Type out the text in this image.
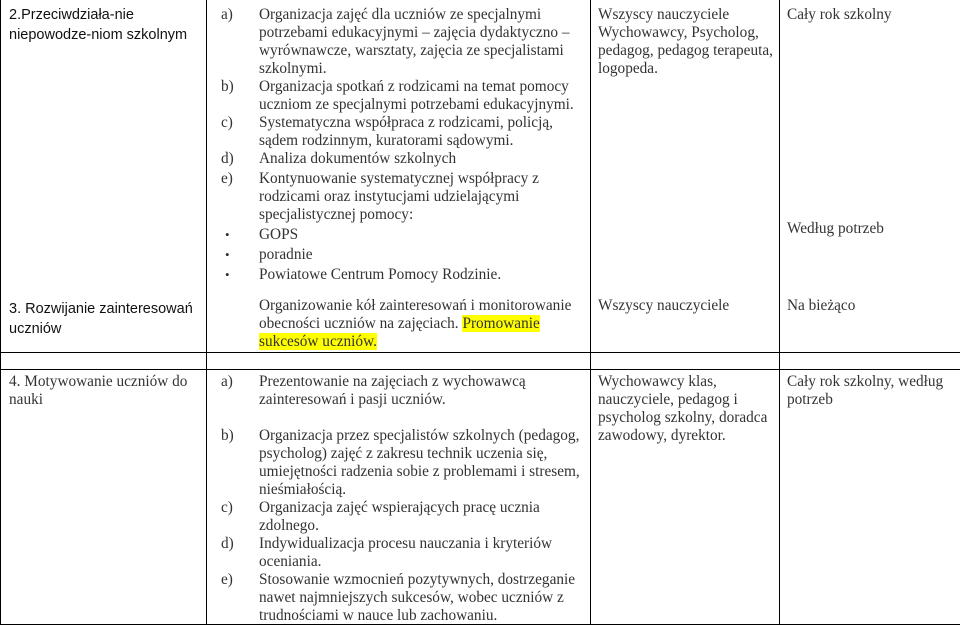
2.Przeciwdziała-nie niepowodze-niom szkolnym

3. Rozwijanie zainteresowań uczniów

a) Organizacja zajęć dla uczniów ze specjalnymi potrzebami edukacyjnymi – zajęcia dydaktyczno – wyrównawcze, warsztaty, zajęcia ze specjalistami szkolnymi.
b) Organizacja spotkań z rodzicami na temat pomocy uczniom ze specjalnymi potrzebami edukacyjnymi.
c) Systematyczna współpraca z rodzicami, policją, sądem rodzinnym, kuratorami sądowymi.
d) Analiza dokumentów szkolnych
e) Kontynuowanie systematycznej współpracy z rodzicami oraz instytucjami udzielającymi specjalistycznej pomocy:
• GOPS
• poradnie
• Powiatowe Centrum Pomocy Rodzinie.
Organizowanie kół zainteresowań i monitorowanie obecności uczniów na zajęciach. Promowanie sukcesów uczniów.

Wszyscy nauczyciele Wychowawcy, Psycholog, pedagog, pedagog terapeuta, logopeda.

Wszyscy nauczyciele

Cały rok szkolny

Według potrzeb

Na bieżąco

4. Motywowanie uczniów do nauki

a) Prezentowanie na zajęciach z wychowawcą zainteresowań i pasji uczniów.
b) Organizacja przez specjalistów szkolnych (pedagog, psycholog) zajęć z zakresu technik uczenia się, umiejętności radzenia sobie z problemami i stresem, nieśmiałością.
c) Organizacja zajęć wspierających pracę ucznia zdolnego.
d) Indywidualizacja procesu nauczania i kryteriów oceniania.
e) Stosowanie wzmocnień pozytywnych, dostrzeganie nawet najmniejszych sukcesów, wobec uczniów z trudnościami w nauce lub zachowaniu.

Wychowawcy klas, nauczyciele, pedagog i psycholog szkolny, doradca zawodowy, dyrektor.

Cały rok szkolny, według potrzeb
